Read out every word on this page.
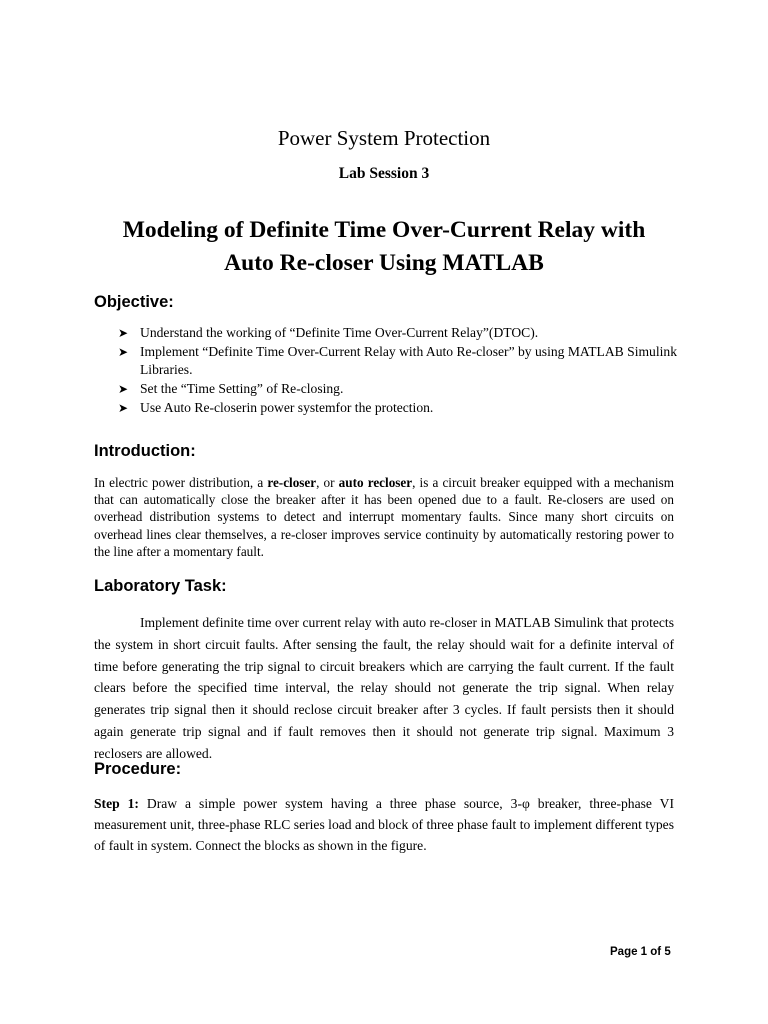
Power System Protection
Lab Session 3
Modeling of Definite Time Over-Current Relay with
Auto Re-closer Using MATLAB
Objective:
➤ Understand the working of “Definite Time Over-Current Relay”(DTOC).
➤ Implement “Definite Time Over-Current Relay with Auto Re-closer” by using MATLAB Simulink Libraries.
➤ Set the “Time Setting” of Re-closing.
➤ Use Auto Re-closerin power systemfor the protection.
Introduction:
In electric power distribution, a re-closer, or auto recloser, is a circuit breaker equipped with a mechanism that can automatically close the breaker after it has been opened due to a fault. Re-closers are used on overhead distribution systems to detect and interrupt momentary faults. Since many short circuits on overhead lines clear themselves, a re-closer improves service continuity by automatically restoring power to the line after a momentary fault.
Laboratory Task:
Implement definite time over current relay with auto re-closer in MATLAB Simulink that protects the system in short circuit faults. After sensing the fault, the relay should wait for a definite interval of time before generating the trip signal to circuit breakers which are carrying the fault current. If the fault clears before the specified time interval, the relay should not generate the trip signal. When relay generates trip signal then it should reclose circuit breaker after 3 cycles. If fault persists then it should again generate trip signal and if fault removes then it should not generate trip signal. Maximum 3 reclosers are allowed.
Procedure:
Step 1: Draw a simple power system having a three phase source, 3-φ breaker, three-phase VI measurement unit, three-phase RLC series load and block of three phase fault to implement different types of fault in system. Connect the blocks as shown in the figure.
Page 1 of 5
